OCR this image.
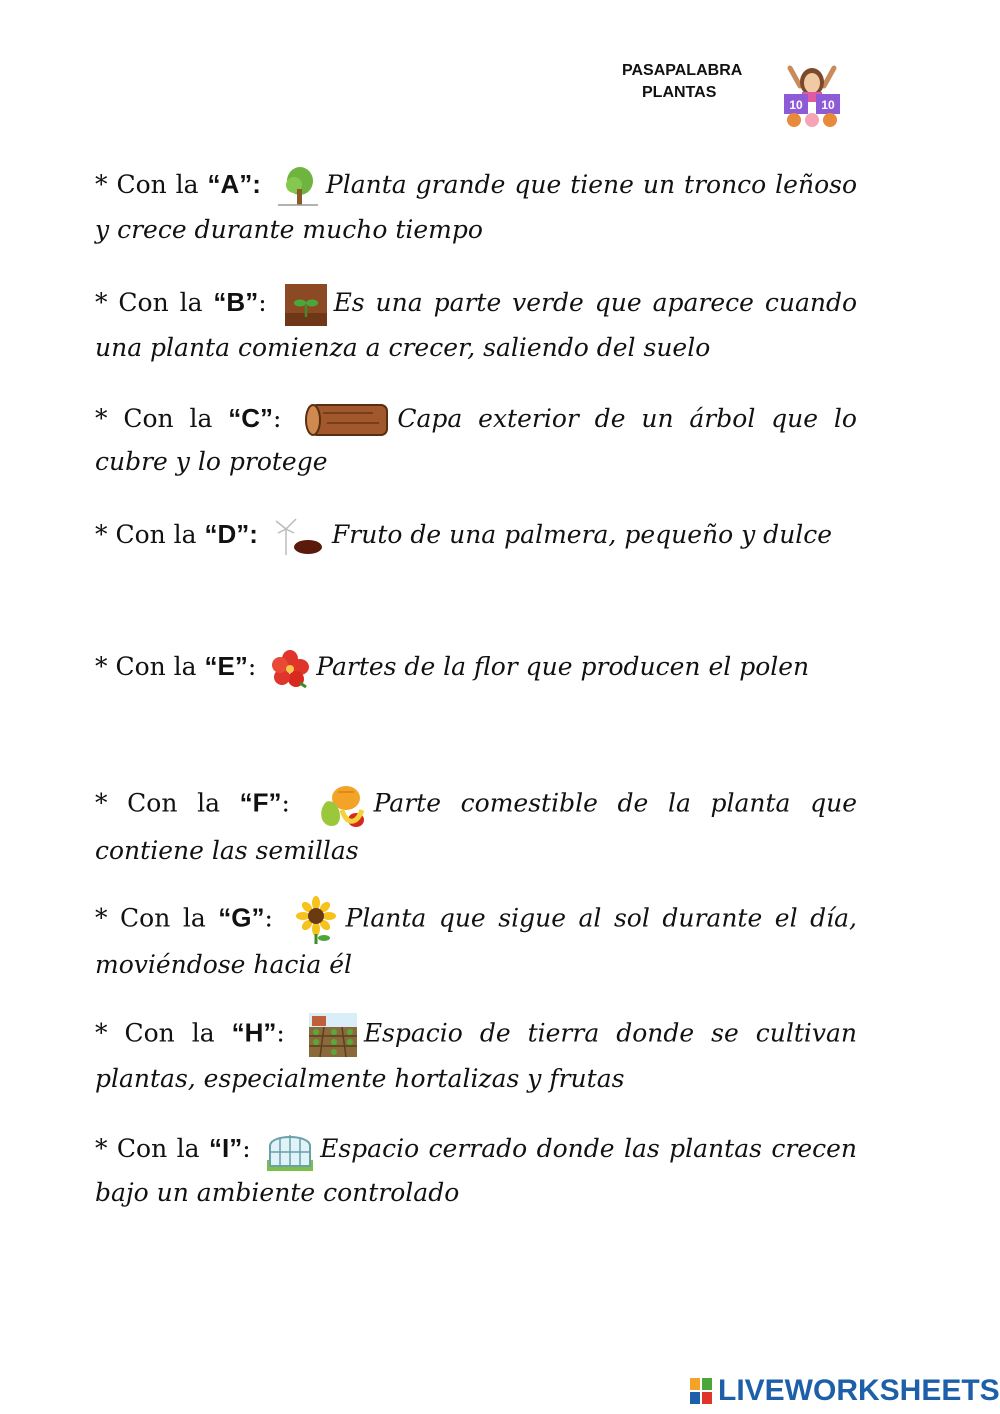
PASAPALABRA
PLANTAS
10 10
* Con la “A”:	Planta grande que tiene un tronco leñoso y crece durante mucho tiempo
* Con la “B”:	Es una parte verde que aparece cuando una planta comienza a crecer, saliendo del suelo
* Con la “C”:	Capa exterior de un árbol que lo cubre y lo protege
* Con la “D”:	Fruto de una palmera, pequeño y dulce
* Con la “E”: Partes de la flor que producen el polen
* Con la “F”:	Parte comestible de la planta que contiene las semillas
* Con la “G”:	Planta que sigue al sol durante el día, moviéndose hacia él
* Con la “H”:	Espacio de tierra donde se cultivan plantas, especialmente hortalizas y frutas
* Con la “I”:	Espacio cerrado donde las plantas crecen bajo un ambiente controlado
LIVEWORKSHEETS
